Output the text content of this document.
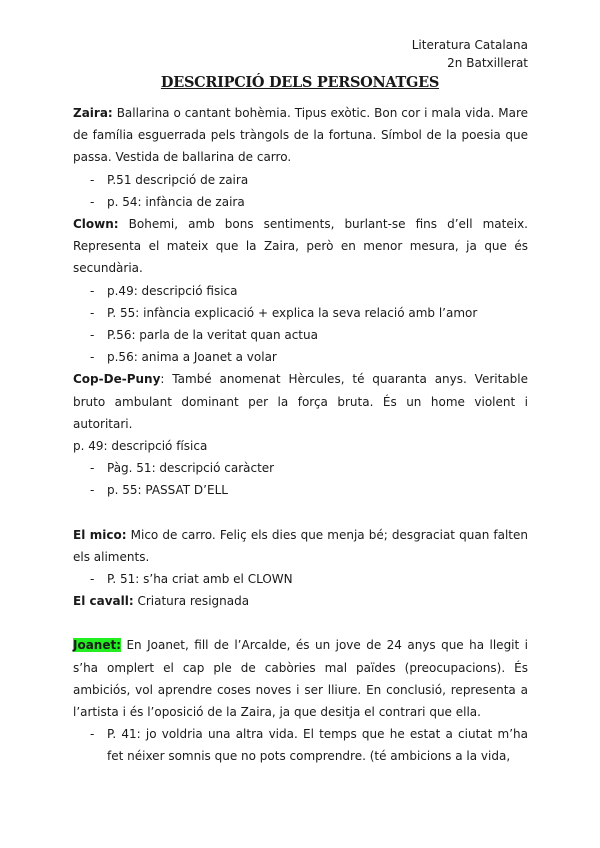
Literatura Catalana
2n Batxillerat
DESCRIPCIÓ DELS PERSONATGES

Zaira: Ballarina o cantant bohèmia. Tipus exòtic. Bon cor i mala vida. Mare de família esguerrada pels tràngols de la fortuna. Símbol de la poesia que passa. Vestida de ballarina de carro.

- P.51 descripció de zaira
- p. 54: infància de zaira

Clown: Bohemi, amb bons sentiments, burlant-se fins d’ell mateix. Representa el mateix que la Zaira, però en menor mesura, ja que és secundària.

- p.49: descripció fisica
- P. 55: infància explicació + explica la seva relació amb l’amor
- P.56: parla de la veritat quan actua
- p.56: anima a Joanet a volar

Cop-De-Puny: També anomenat Hèrcules, té quaranta anys. Veritable bruto ambulant dominant per la força bruta. És un home violent i autoritari.

p. 49: descripció física

- Pàg. 51: descripció caràcter
- p. 55: PASSAT D’ELL

El mico: Mico de carro. Feliç els dies que menja bé; desgraciat quan falten els aliments.

- P. 51: s’ha criat amb el CLOWN

El cavall: Criatura resignada

Joanet: En Joanet, fill de l’Arcalde, és un jove de 24 anys que ha llegit i s’ha omplert el cap ple de cabòries mal païdes (preocupacions). És ambiciós, vol aprendre coses noves i ser lliure. En conclusió, representa a l’artista i és l’oposició de la Zaira, ja que desitja el contrari que ella.

- P. 41: jo voldria una altra vida. El temps que he estat a ciutat m’ha fet néixer somnis que no pots comprendre. (té ambicions a la vida,
